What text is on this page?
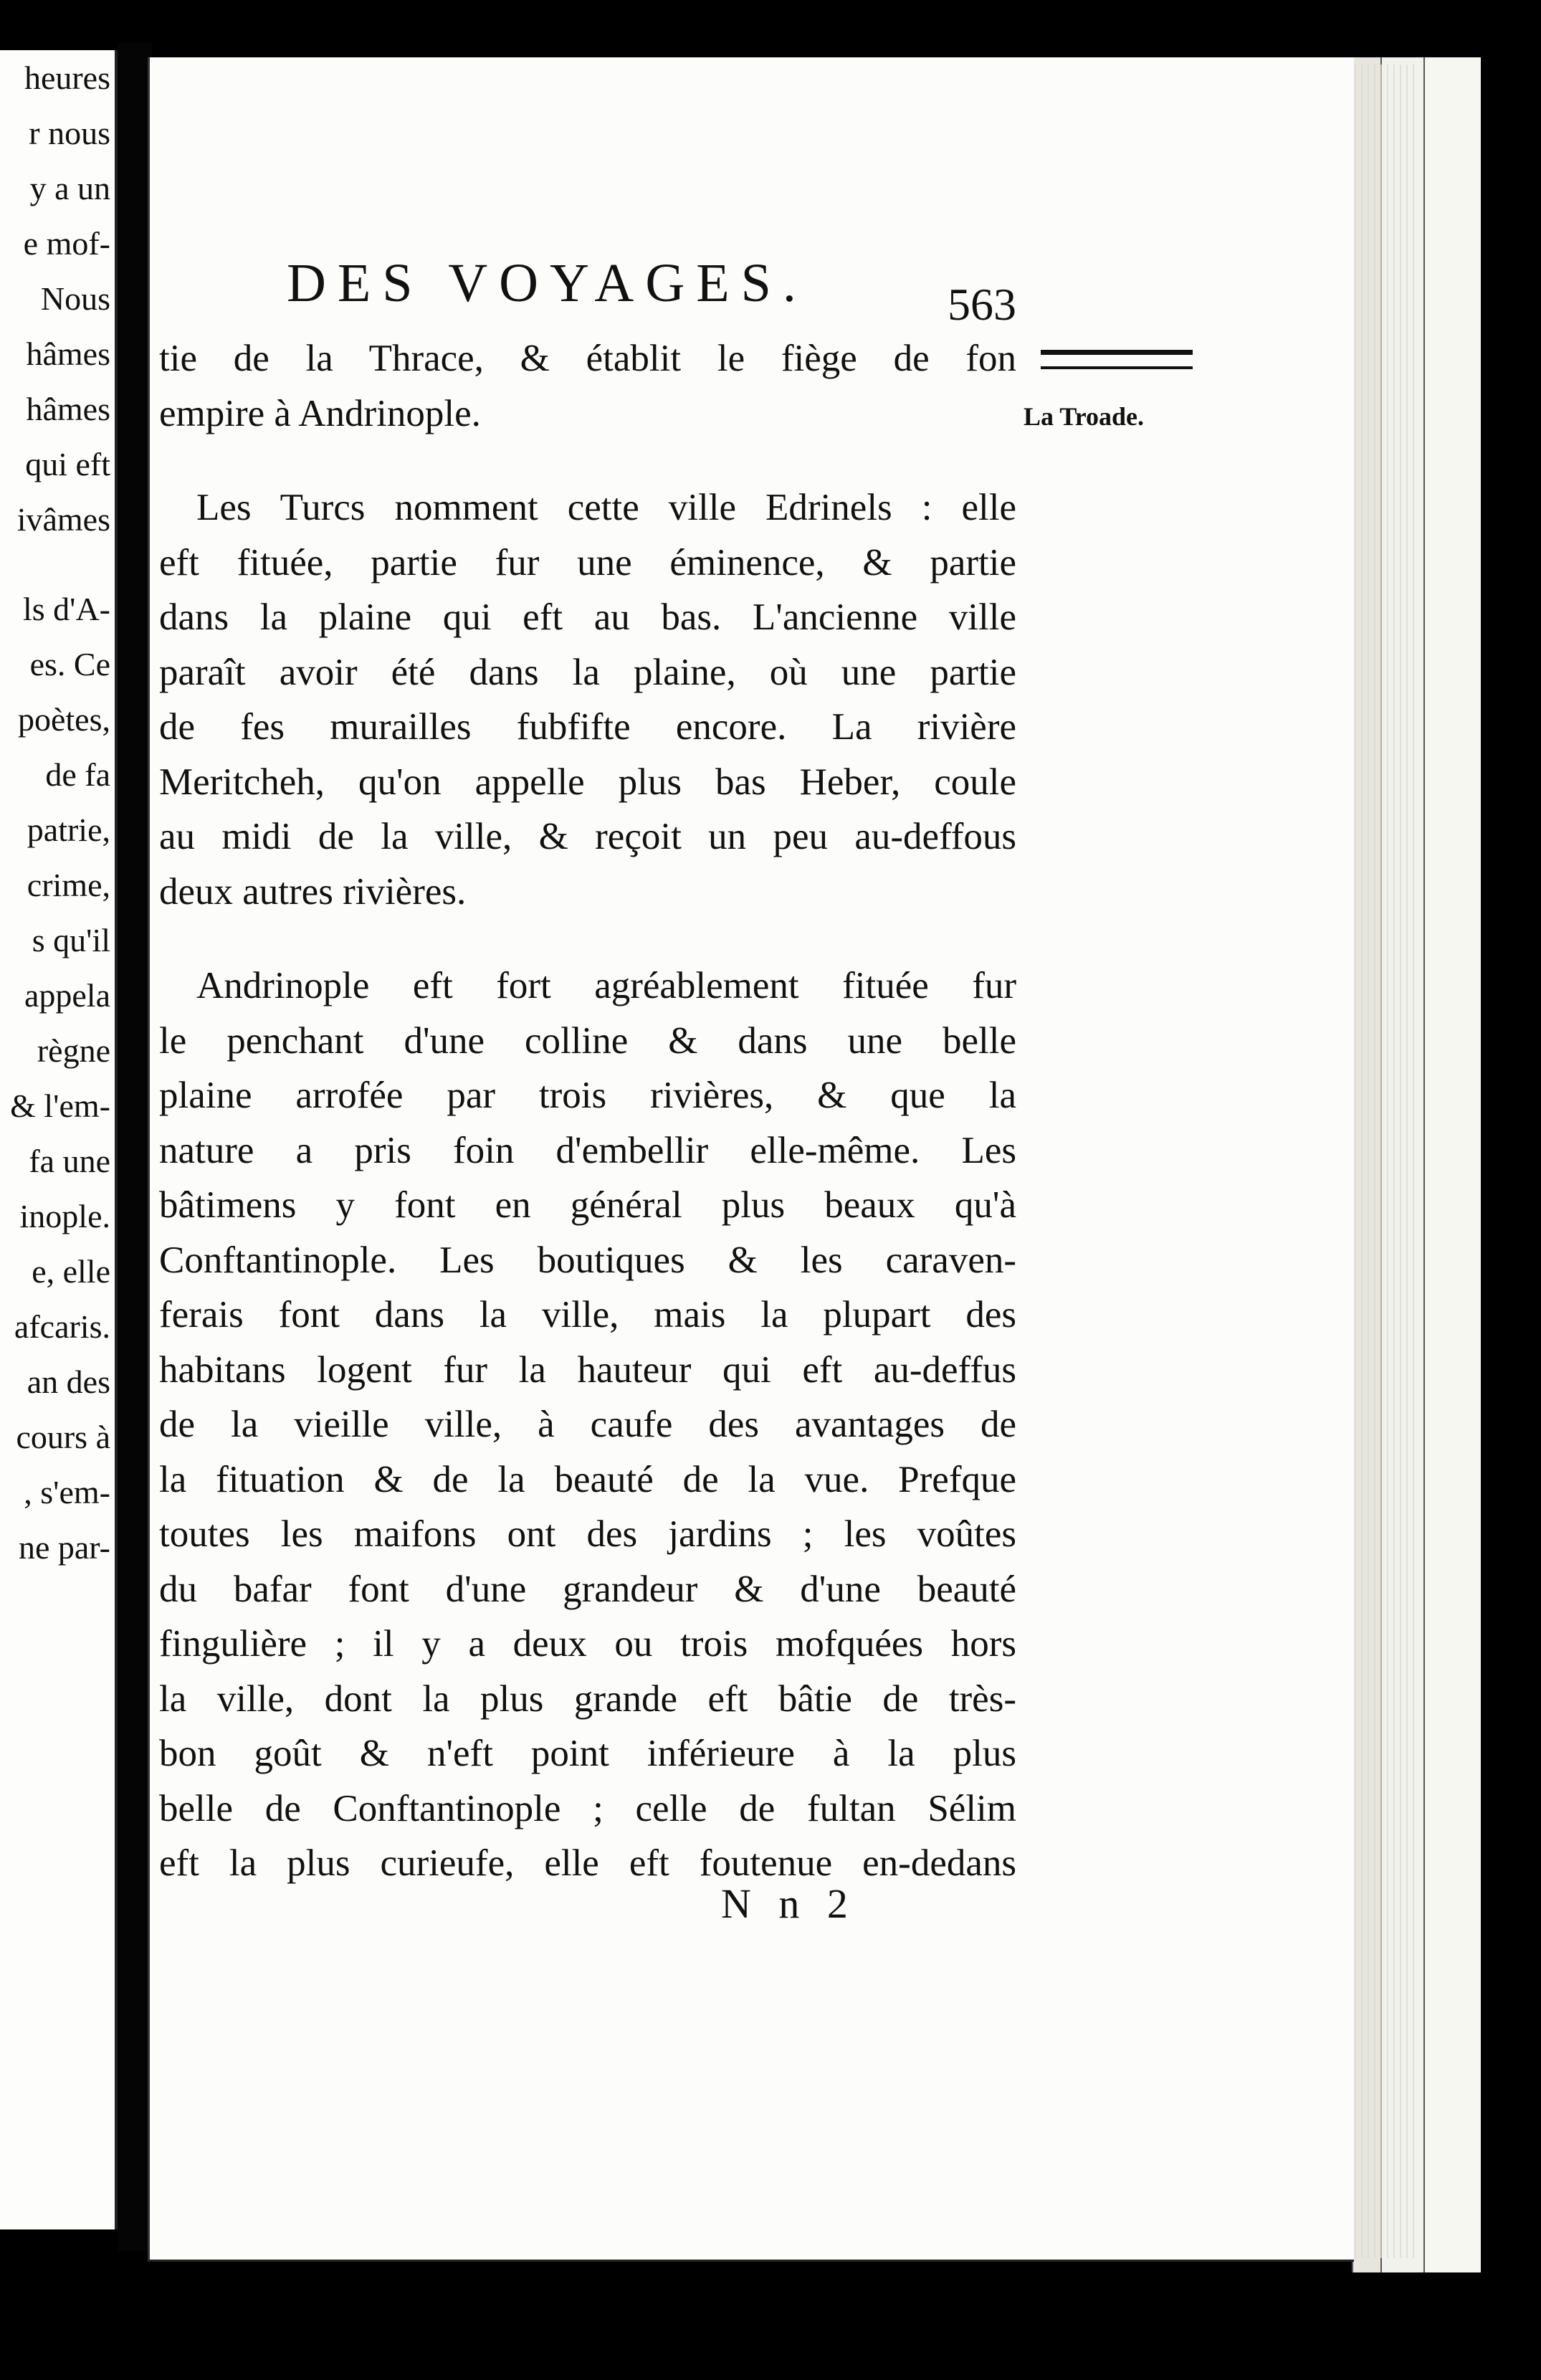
heures
r nous
y a un
e mof-
Nous
hâmes
hâmes
qui eft
ivâmes
ls d'A-
es. Ce
poètes,
de fa
patrie,
crime,
s qu'il
appela
règne
& l'em-
fa une
inople.
e, elle
afcaris.
an des
cours à
, s'em-
ne par-
DES VOYAGES.	563
La Troade.
tie de la Thrace, & établit le fiège de fon
empire à Andrinople.
Les Turcs nomment cette ville Edrinels : elle
eft fituée, partie fur une éminence, & partie
dans la plaine qui eft au bas. L'ancienne ville
paraît avoir été dans la plaine, où une partie
de fes murailles fubfifte encore. La rivière
Meritcheh, qu'on appelle plus bas Heber, coule
au midi de la ville, & reçoit un peu au-deffous
deux autres rivières.
Andrinople eft fort agréablement fituée fur
le penchant d'une colline & dans une belle
plaine arrofée par trois rivières, & que la
nature a pris foin d'embellir elle-même. Les
bâtimens y font en général plus beaux qu'à
Conftantinople. Les boutiques & les caraven-
ferais font dans la ville, mais la plupart des
habitans logent fur la hauteur qui eft au-deffus
de la vieille ville, à caufe des avantages de
la fituation & de la beauté de la vue. Prefque
toutes les maifons ont des jardins ; les voûtes
du bafar font d'une grandeur & d'une beauté
fingulière ; il y a deux ou trois mofquées hors
la ville, dont la plus grande eft bâtie de très-
bon goût & n'eft point inférieure à la plus
belle de Conftantinople ; celle de fultan Sélim
eft la plus curieufe, elle eft foutenue en-dedans
N n 2
